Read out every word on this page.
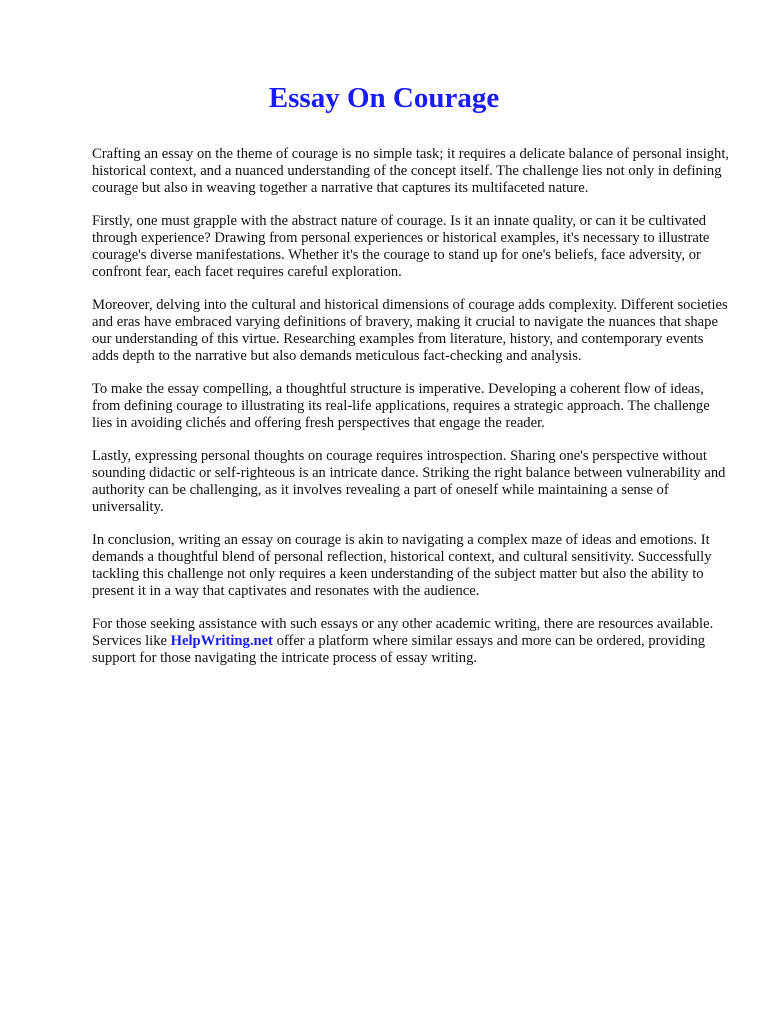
Essay On Courage

Crafting an essay on the theme of courage is no simple task; it requires a delicate balance of personal insight, historical context, and a nuanced understanding of the concept itself. The challenge lies not only in defining courage but also in weaving together a narrative that captures its multifaceted nature.

Firstly, one must grapple with the abstract nature of courage. Is it an innate quality, or can it be cultivated through experience? Drawing from personal experiences or historical examples, it's necessary to illustrate courage's diverse manifestations. Whether it's the courage to stand up for one's beliefs, face adversity, or confront fear, each facet requires careful exploration.

Moreover, delving into the cultural and historical dimensions of courage adds complexity. Different societies and eras have embraced varying definitions of bravery, making it crucial to navigate the nuances that shape our understanding of this virtue. Researching examples from literature, history, and contemporary events adds depth to the narrative but also demands meticulous fact-checking and analysis.

To make the essay compelling, a thoughtful structure is imperative. Developing a coherent flow of ideas, from defining courage to illustrating its real-life applications, requires a strategic approach. The challenge lies in avoiding clichés and offering fresh perspectives that engage the reader.

Lastly, expressing personal thoughts on courage requires introspection. Sharing one's perspective without sounding didactic or self-righteous is an intricate dance. Striking the right balance between vulnerability and authority can be challenging, as it involves revealing a part of oneself while maintaining a sense of universality.

In conclusion, writing an essay on courage is akin to navigating a complex maze of ideas and emotions. It demands a thoughtful blend of personal reflection, historical context, and cultural sensitivity. Successfully tackling this challenge not only requires a keen understanding of the subject matter but also the ability to present it in a way that captivates and resonates with the audience.

For those seeking assistance with such essays or any other academic writing, there are resources available. Services like HelpWriting.net offer a platform where similar essays and more can be ordered, providing support for those navigating the intricate process of essay writing.
